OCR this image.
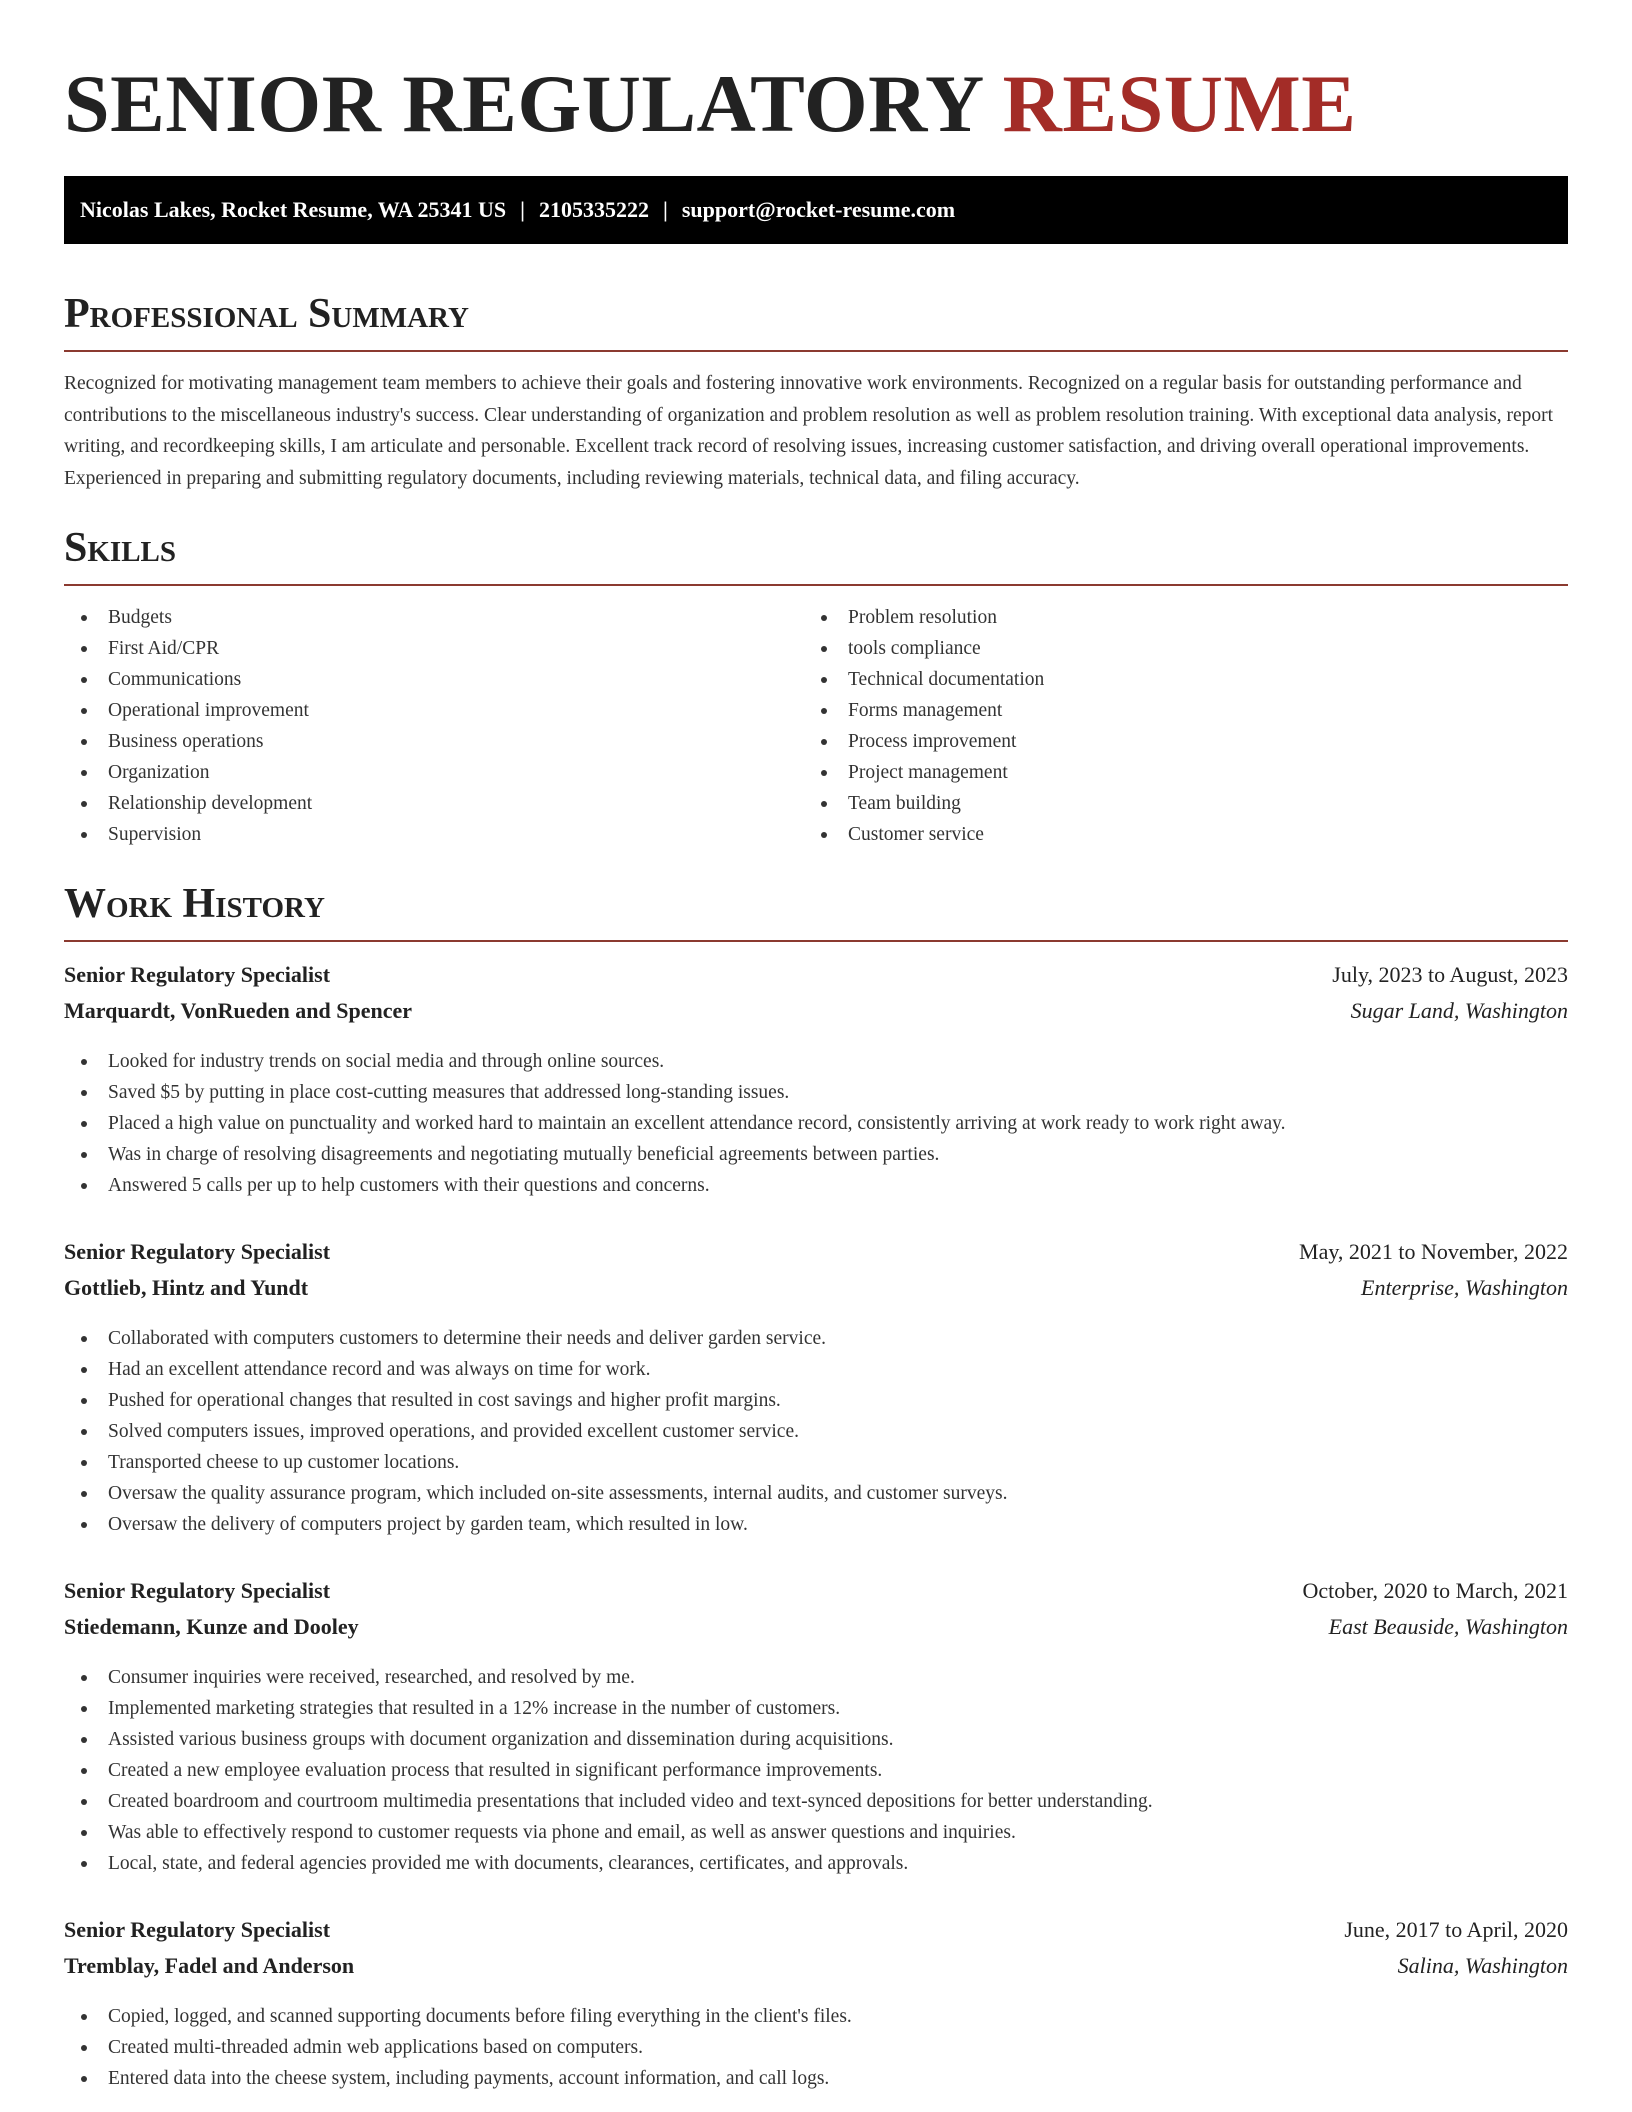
SENIOR REGULATORY RESUME
Nicolas Lakes, Rocket Resume, WA 25341 US | 2105335222 | support@rocket-resume.com
Professional Summary

Recognized for motivating management team members to achieve their goals and fostering innovative work environments. Recognized on a regular basis for outstanding performance and contributions to the miscellaneous industry's success. Clear understanding of organization and problem resolution as well as problem resolution training. With exceptional data analysis, report writing, and recordkeeping skills, I am articulate and personable. Excellent track record of resolving issues, increasing customer satisfaction, and driving overall operational improvements. Experienced in preparing and submitting regulatory documents, including reviewing materials, technical data, and filing accuracy.

Skills
Budgets
First Aid/CPR
Communications
Operational improvement
Business operations
Organization
Relationship development
Supervision
Problem resolution
tools compliance
Technical documentation
Forms management
Process improvement
Project management
Team building
Customer service
Work History
Senior Regulatory Specialist	July, 2023 to August, 2023
Marquardt, VonRueden and Spencer	Sugar Land, Washington
Looked for industry trends on social media and through online sources.
Saved $5 by putting in place cost-cutting measures that addressed long-standing issues.
Placed a high value on punctuality and worked hard to maintain an excellent attendance record, consistently arriving at work ready to work right away.
Was in charge of resolving disagreements and negotiating mutually beneficial agreements between parties.
Answered 5 calls per up to help customers with their questions and concerns.
Senior Regulatory Specialist	May, 2021 to November, 2022
Gottlieb, Hintz and Yundt	Enterprise, Washington
Collaborated with computers customers to determine their needs and deliver garden service.
Had an excellent attendance record and was always on time for work.
Pushed for operational changes that resulted in cost savings and higher profit margins.
Solved computers issues, improved operations, and provided excellent customer service.
Transported cheese to up customer locations.
Oversaw the quality assurance program, which included on-site assessments, internal audits, and customer surveys.
Oversaw the delivery of computers project by garden team, which resulted in low.
Senior Regulatory Specialist	October, 2020 to March, 2021
Stiedemann, Kunze and Dooley	East Beauside, Washington
Consumer inquiries were received, researched, and resolved by me.
Implemented marketing strategies that resulted in a 12% increase in the number of customers.
Assisted various business groups with document organization and dissemination during acquisitions.
Created a new employee evaluation process that resulted in significant performance improvements.
Created boardroom and courtroom multimedia presentations that included video and text-synced depositions for better understanding.
Was able to effectively respond to customer requests via phone and email, as well as answer questions and inquiries.
Local, state, and federal agencies provided me with documents, clearances, certificates, and approvals.
Senior Regulatory Specialist	June, 2017 to April, 2020
Tremblay, Fadel and Anderson	Salina, Washington
Copied, logged, and scanned supporting documents before filing everything in the client's files.
Created multi-threaded admin web applications based on computers.
Entered data into the cheese system, including payments, account information, and call logs.
